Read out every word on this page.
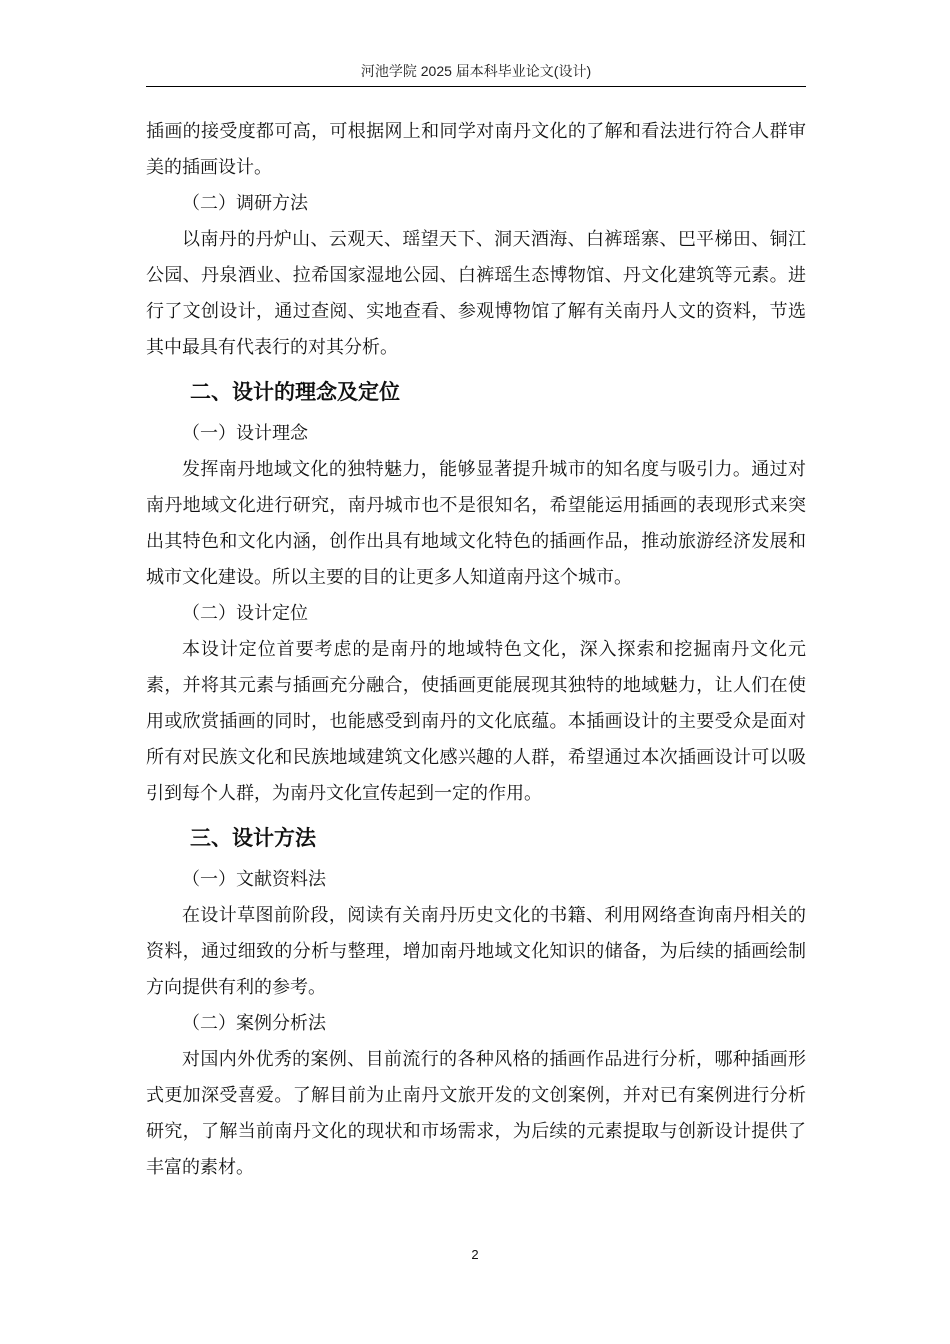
河池学院 2025 届本科毕业论文(设计)

插画的接受度都可高，可根据网上和同学对南丹文化的了解和看法进行符合人群审美的插画设计。

（二）调研方法

以南丹的丹炉山、云观天、瑶望天下、洞天酒海、白裤瑶寨、巴平梯田、铜江公园、丹泉酒业、拉希国家湿地公园、白裤瑶生态博物馆、丹文化建筑等元素。进行了文创设计，通过查阅、实地查看、参观博物馆了解有关南丹人文的资料，节选其中最具有代表行的对其分析。

二、设计的理念及定位

（一）设计理念

发挥南丹地域文化的独特魅力，能够显著提升城市的知名度与吸引力。通过对南丹地域文化进行研究，南丹城市也不是很知名，希望能运用插画的表现形式来突出其特色和文化内涵，创作出具有地域文化特色的插画作品，推动旅游经济发展和城市文化建设。所以主要的目的让更多人知道南丹这个城市。

（二）设计定位

本设计定位首要考虑的是南丹的地域特色文化，深入探索和挖掘南丹文化元素，并将其元素与插画充分融合，使插画更能展现其独特的地域魅力，让人们在使用或欣赏插画的同时，也能感受到南丹的文化底蕴。本插画设计的主要受众是面对所有对民族文化和民族地域建筑文化感兴趣的人群，希望通过本次插画设计可以吸引到每个人群，为南丹文化宣传起到一定的作用。

三、设计方法

（一）文献资料法

在设计草图前阶段，阅读有关南丹历史文化的书籍、利用网络查询南丹相关的资料，通过细致的分析与整理，增加南丹地域文化知识的储备，为后续的插画绘制方向提供有利的参考。

（二）案例分析法

对国内外优秀的案例、目前流行的各种风格的插画作品进行分析，哪种插画形式更加深受喜爱。了解目前为止南丹文旅开发的文创案例，并对已有案例进行分析研究，了解当前南丹文化的现状和市场需求，为后续的元素提取与创新设计提供了丰富的素材。

2
